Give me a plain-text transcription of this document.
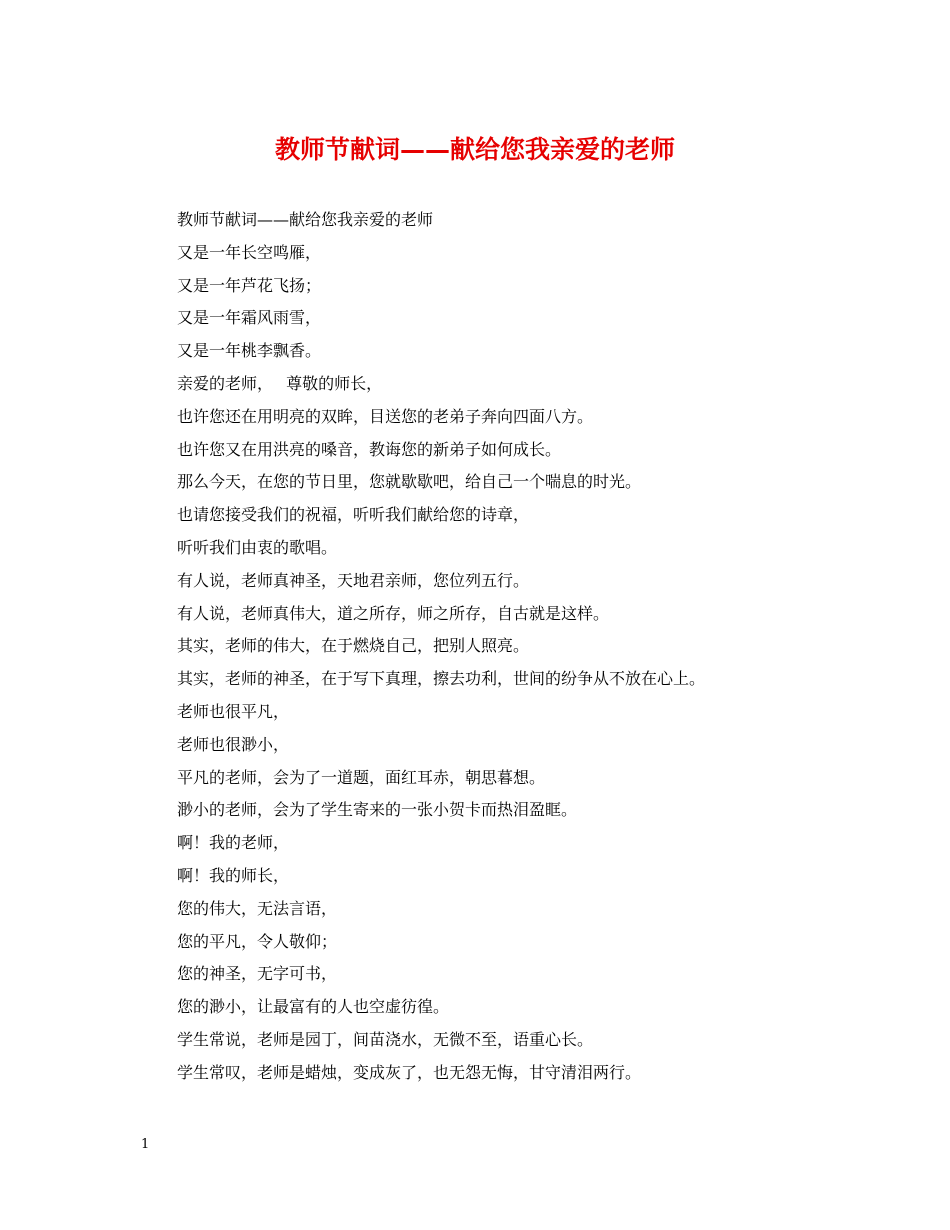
教师节献词——献给您我亲爱的老师
教师节献词——献给您我亲爱的老师
又是一年长空鸣雁，
又是一年芦花飞扬；
又是一年霜风雨雪，
又是一年桃李飘香。
亲爱的老师，　 尊敬的师长，
也许您还在用明亮的双眸，目送您的老弟子奔向四面八方。
也许您又在用洪亮的嗓音，教诲您的新弟子如何成长。
那么今天，在您的节日里，您就歇歇吧，给自己一个喘息的时光。
也请您接受我们的祝福，听听我们献给您的诗章，
听听我们由衷的歌唱。
有人说，老师真神圣，天地君亲师，您位列五行。
有人说，老师真伟大，道之所存，师之所存，自古就是这样。
其实，老师的伟大，在于燃烧自己，把别人照亮。
其实，老师的神圣，在于写下真理，擦去功利，世间的纷争从不放在心上。
老师也很平凡，
老师也很渺小，
平凡的老师，会为了一道题，面红耳赤，朝思暮想。
渺小的老师，会为了学生寄来的一张小贺卡而热泪盈眶。
啊！我的老师，
啊！我的师长，
您的伟大，无法言语，
您的平凡，令人敬仰；
您的神圣，无字可书，
您的渺小，让最富有的人也空虚彷徨。
学生常说，老师是园丁，间苗浇水，无微不至，语重心长。
学生常叹，老师是蜡烛，变成灰了，也无怨无悔，甘守清泪两行。
1
